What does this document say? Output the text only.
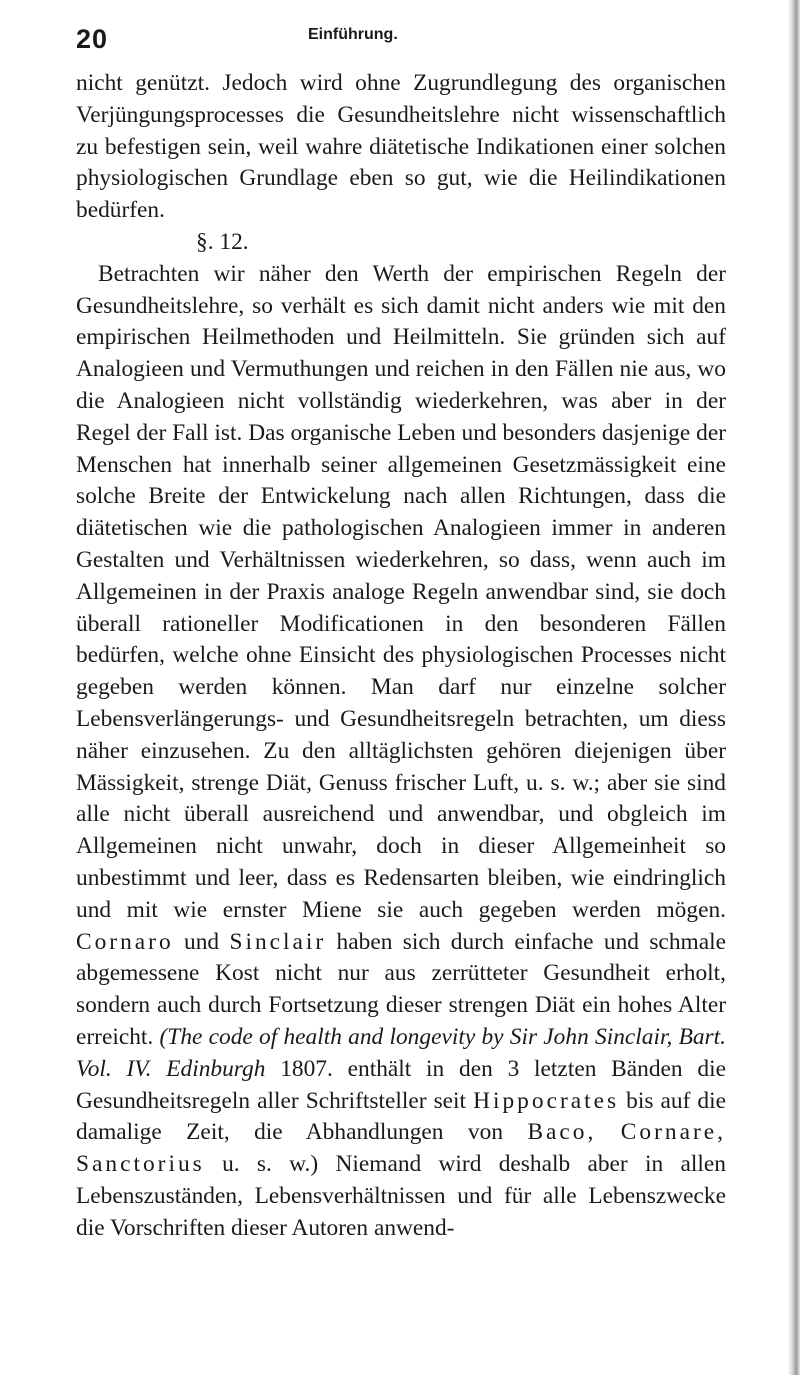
20	Einführung.

nicht genützt. Jedoch wird ohne Zugrundlegung des organischen Verjüngungsprocesses die Gesundheitslehre nicht wissenschaftlich zu befestigen sein, weil wahre diätetische Indikationen einer solchen physiologischen Grundlage eben so gut, wie die Heilindikationen bedürfen.

§. 12.

Betrachten wir näher den Werth der empirischen Regeln der Gesundheitslehre, so verhält es sich damit nicht anders wie mit den empirischen Heilmethoden und Heilmitteln. Sie gründen sich auf Analogieen und Vermuthungen und reichen in den Fällen nie aus, wo die Analogieen nicht vollständig wiederkehren, was aber in der Regel der Fall ist. Das organische Leben und besonders dasjenige der Menschen hat innerhalb seiner allgemeinen Gesetzmässigkeit eine solche Breite der Entwickelung nach allen Richtungen, dass die diätetischen wie die pathologischen Analogieen immer in anderen Gestalten und Verhältnissen wiederkehren, so dass, wenn auch im Allgemeinen in der Praxis analoge Regeln anwendbar sind, sie doch überall rationeller Modificationen in den besonderen Fällen bedürfen, welche ohne Einsicht des physiologischen Processes nicht gegeben werden können. Man darf nur einzelne solcher Lebensverlängerungs- und Gesundheitsregeln betrachten, um diess näher einzusehen. Zu den alltäglichsten gehören diejenigen über Mässigkeit, strenge Diät, Genuss frischer Luft, u. s. w.; aber sie sind alle nicht überall ausreichend und anwendbar, und obgleich im Allgemeinen nicht unwahr, doch in dieser Allgemeinheit so unbestimmt und leer, dass es Redensarten bleiben, wie eindringlich und mit wie ernster Miene sie auch gegeben werden mögen. Cornaro und Sinclair haben sich durch einfache und schmale abgemessene Kost nicht nur aus zerrütteter Gesundheit erholt, sondern auch durch Fortsetzung dieser strengen Diät ein hohes Alter erreicht. (The code of health and longevity by Sir John Sinclair, Bart. Vol. IV. Edinburgh 1807. enthält in den 3 letzten Bänden die Gesundheitsregeln aller Schriftsteller seit Hippocrates bis auf die damalige Zeit, die Abhandlungen von Baco, Cornare, Sanctorius u. s. w.) Niemand wird deshalb aber in allen Lebenszuständen, Lebensverhältnissen und für alle Lebenszwecke die Vorschriften dieser Autoren anwend-
